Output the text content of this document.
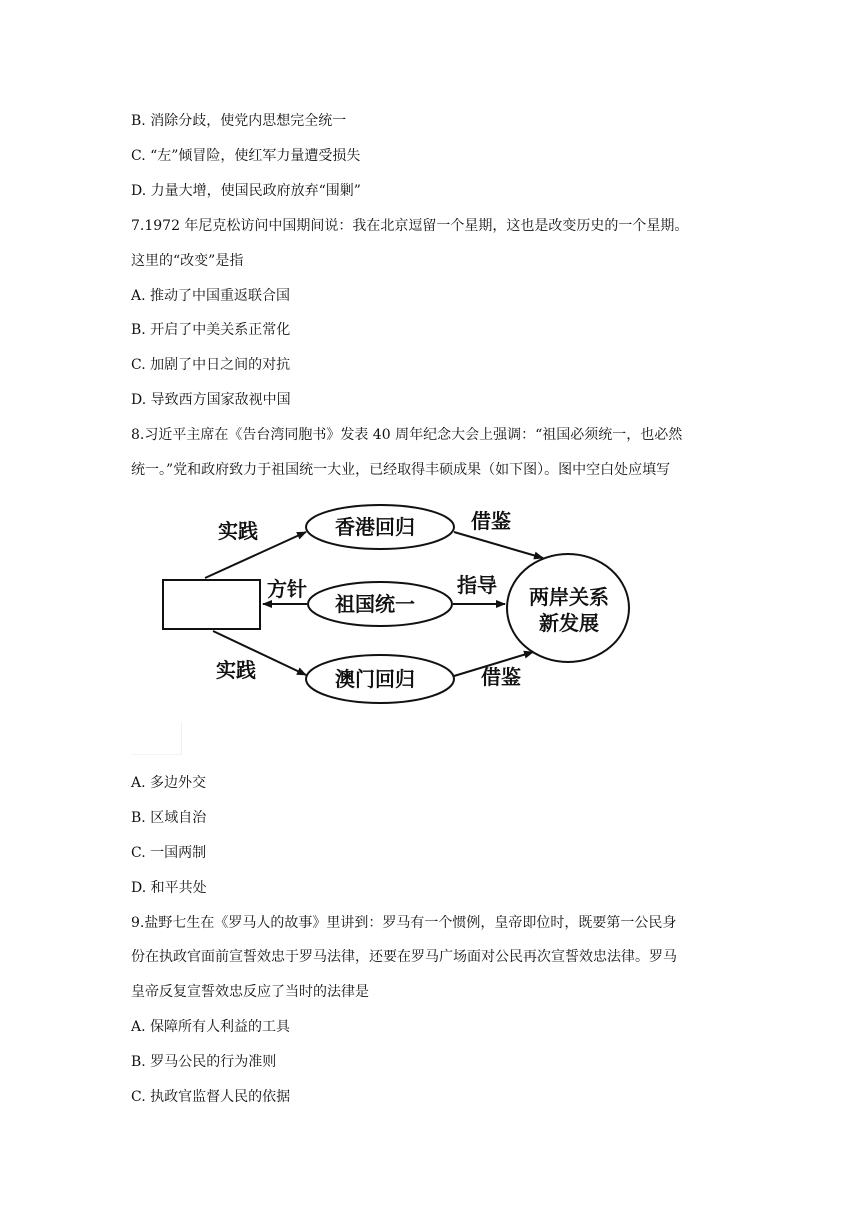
B. 消除分歧，使党内思想完全统一
C. “左”倾冒险，使红军力量遭受损失
D. 力量大增，使国民政府放弃“围剿”
7.1972 年尼克松访问中国期间说：我在北京逗留一个星期，这也是改变历史的一个星期。
这里的“改变”是指
A. 推动了中国重返联合国
B. 开启了中美关系正常化
C. 加剧了中日之间的对抗
D. 导致西方国家敌视中国
8.习近平主席在《告台湾同胞书》发表 40 周年纪念大会上强调：“祖国必须统一，也必然
统一。”党和政府致力于祖国统一大业，已经取得丰硕成果（如下图）。图中空白处应填写
实践
实践
方针	指导
借鉴
借鉴
香港回归
祖国统一
澳门回归
两岸关系
新发展
A. 多边外交
B. 区域自治
C. 一国两制
D. 和平共处
9.盐野七生在《罗马人的故事》里讲到：罗马有一个惯例，皇帝即位时，既要第一公民身
份在执政官面前宣誓效忠于罗马法律，还要在罗马广场面对公民再次宣誓效忠法律。罗马
皇帝反复宣誓效忠反应了当时的法律是
A. 保障所有人利益的工具
B. 罗马公民的行为准则
C. 执政官监督人民的依据
